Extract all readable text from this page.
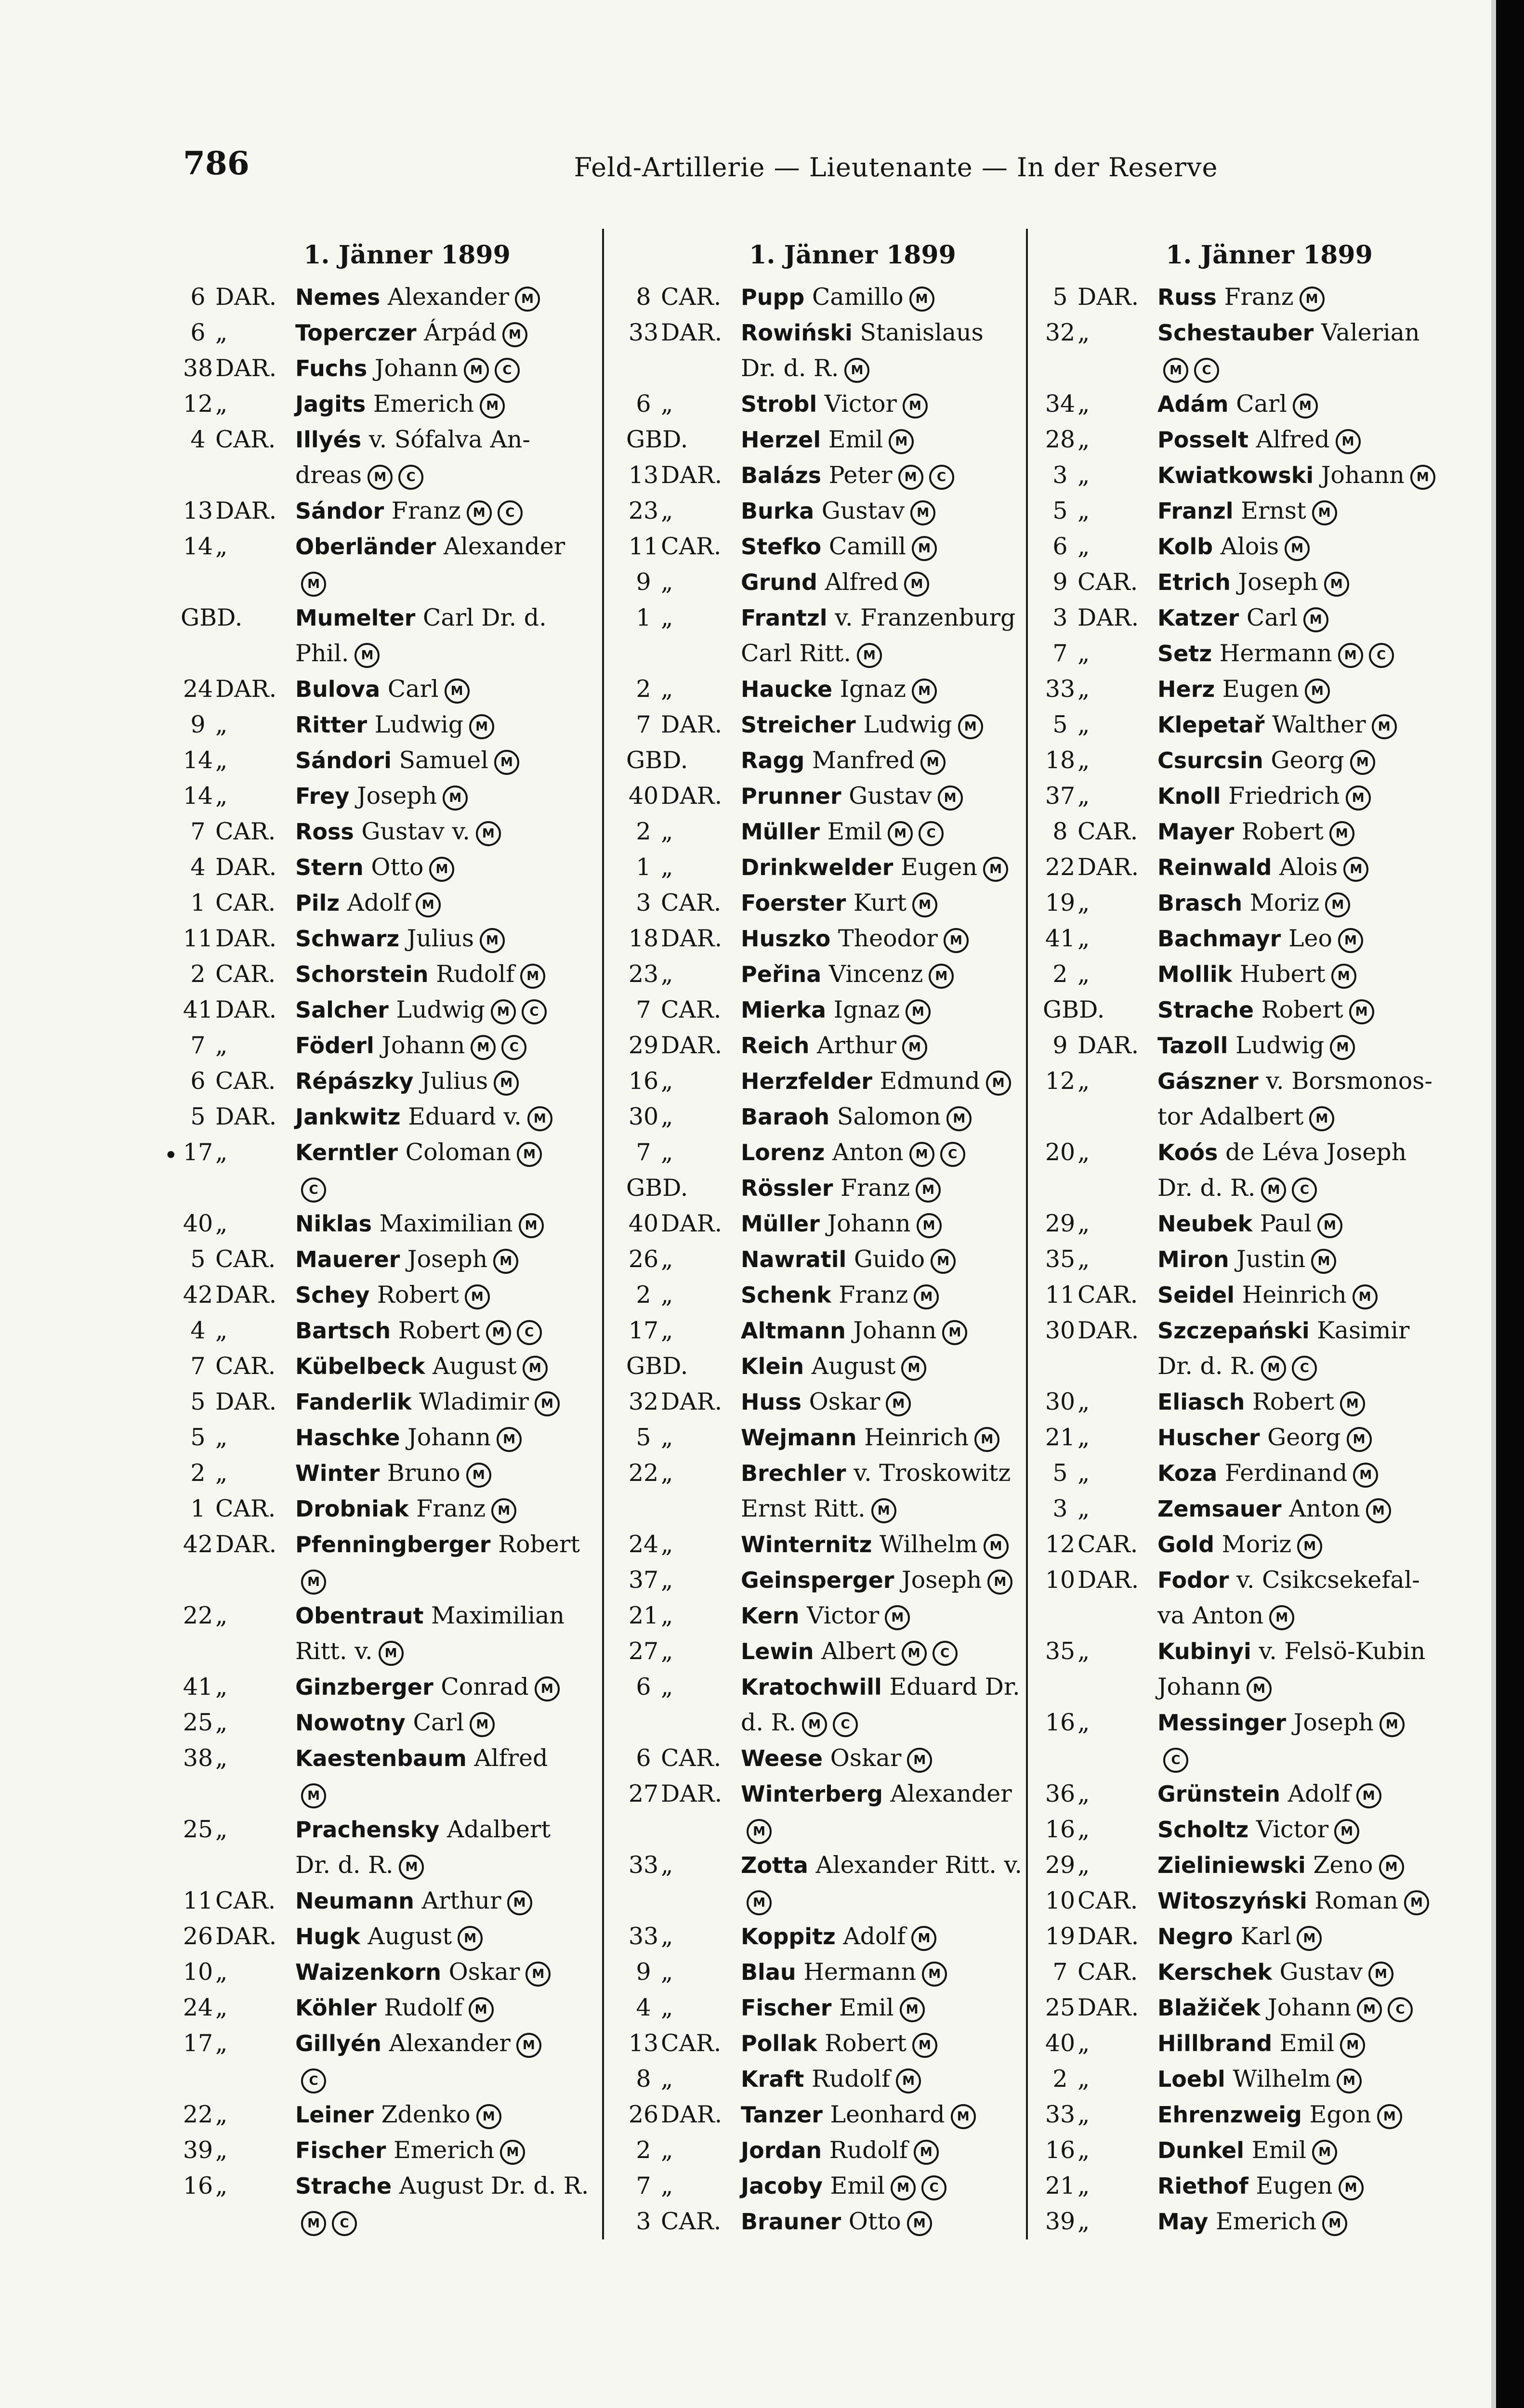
786	Feld-Artillerie — Lieutenante — In der Reserve
•
1. Jänner 1899
6 DAR. Nemes Alexander M
6 „	Toperczer Árpád M
38 DAR. Fuchs Johann M C
12 „	Jagits Emerich M
4 CAR. Illyés v. Sófalva An-
dreas M C
13 DAR. Sándor Franz M C
14 „	Oberländer Alexander
M
GBD. Mumelter Carl Dr. d.
Phil. M
24 DAR. Bulova Carl M
9 „	Ritter Ludwig M
14 „	Sándori Samuel M
14 „	Frey Joseph M
7 CAR. Ross Gustav v. M
4 DAR. Stern Otto M
1 CAR. Pilz Adolf M
11 DAR. Schwarz Julius M
2 CAR. Schorstein Rudolf M
41 DAR. Salcher Ludwig M C
7 „	Föderl Johann M C
6 CAR. Répászky Julius M
5 DAR. Jankwitz Eduard v. M
17 „	Kerntler Coloman M
C
40 „	Niklas Maximilian M
5 CAR. Mauerer Joseph M
42 DAR. Schey Robert M
4 „	Bartsch Robert M C
7 CAR. Kübelbeck August M
5 DAR. Fanderlik Wladimir M
5 „	Haschke Johann M
2 „	Winter Bruno M
1 CAR. Drobniak Franz M
42 DAR. Pfenningberger Robert
M
22 „	Obentraut Maximilian
Ritt. v. M
41 „	Ginzberger Conrad M
25 „	Nowotny Carl M
38 „	Kaestenbaum Alfred
M
25 „	Prachensky Adalbert
Dr. d. R. M
11 CAR. Neumann Arthur M
26 DAR. Hugk August M
10 „	Waizenkorn Oskar M
24 „	Köhler Rudolf M
17 „	Gillyén Alexander M
C
22 „	Leiner Zdenko M
39 „	Fischer Emerich M
16 „	Strache August Dr. d. R.
M C
1. Jänner 1899
8 CAR. Pupp Camillo M
33 DAR. Rowiński Stanislaus
Dr. d. R. M
6 „	Strobl Victor M
GBD. Herzel Emil M
13 DAR. Balázs Peter M C
23 „	Burka Gustav M
11 CAR. Stefko Camill M
9 „	Grund Alfred M
1 „	Frantzl v. Franzenburg
Carl Ritt. M
2 „	Haucke Ignaz M
7 DAR. Streicher Ludwig M
GBD. Ragg Manfred M
40 DAR. Prunner Gustav M
2 „	Müller Emil M C
1 „	Drinkwelder Eugen M
3 CAR. Foerster Kurt M
18 DAR. Huszko Theodor M
23 „	Peřina Vincenz M
7 CAR. Mierka Ignaz M
29 DAR. Reich Arthur M
16 „	Herzfelder Edmund M
30 „	Baraoh Salomon M
7 „	Lorenz Anton M C
GBD. Rössler Franz M
40 DAR. Müller Johann M
26 „	Nawratil Guido M
2 „	Schenk Franz M
17 „	Altmann Johann M
GBD. Klein August M
32 DAR. Huss Oskar M
5 „	Wejmann Heinrich M
22 „	Brechler v. Troskowitz
Ernst Ritt. M
24 „	Winternitz Wilhelm M
37 „	Geinsperger Joseph M
21 „	Kern Victor M
27 „	Lewin Albert M C
6 „	Kratochwill Eduard Dr.
d. R. M C
6 CAR. Weese Oskar M
27 DAR. Winterberg Alexander
M
33 „	Zotta Alexander Ritt. v.
M
33 „	Koppitz Adolf M
9 „	Blau Hermann M
4 „	Fischer Emil M
13 CAR. Pollak Robert M
8 „	Kraft Rudolf M
26 DAR. Tanzer Leonhard M
2 „	Jordan Rudolf M
7 „	Jacoby Emil M C
3 CAR. Brauner Otto M
1. Jänner 1899
5 DAR. Russ Franz M
32 „	Schestauber Valerian
M C
34 „	Adám Carl M
28 „	Posselt Alfred M
3 „	Kwiatkowski Johann M
5 „	Franzl Ernst M
6 „	Kolb Alois M
9 CAR. Etrich Joseph M
3 DAR. Katzer Carl M
7 „	Setz Hermann M C
33 „	Herz Eugen M
5 „	Klepetař Walther M
18 „	Csurcsin Georg M
37 „	Knoll Friedrich M
8 CAR. Mayer Robert M
22 DAR. Reinwald Alois M
19 „	Brasch Moriz M
41 „	Bachmayr Leo M
2 „	Mollik Hubert M
GBD. Strache Robert M
9 DAR. Tazoll Ludwig M
12 „	Gászner v. Borsmonos-
tor Adalbert M
20 „	Koós de Léva Joseph
Dr. d. R. M C
29 „	Neubek Paul M
35 „	Miron Justin M
11 CAR. Seidel Heinrich M
30 DAR. Szczepański Kasimir
Dr. d. R. M C
30 „	Eliasch Robert M
21 „	Huscher Georg M
5 „	Koza Ferdinand M
3 „	Zemsauer Anton M
12 CAR. Gold Moriz M
10 DAR. Fodor v. Csikcsekefal-
va Anton M
35 „	Kubinyi v. Felsö-Kubin
Johann M
16 „	Messinger Joseph M
C
36 „	Grünstein Adolf M
16 „	Scholtz Victor M
29 „	Zieliniewski Zeno M
10 CAR. Witoszyński Roman M
19 DAR. Negro Karl M
7 CAR. Kerschek Gustav M
25 DAR. Blažiček Johann M C
40 „	Hillbrand Emil M
2 „	Loebl Wilhelm M
33 „	Ehrenzweig Egon M
16 „	Dunkel Emil M
21 „	Riethof Eugen M
39 „	May Emerich M
